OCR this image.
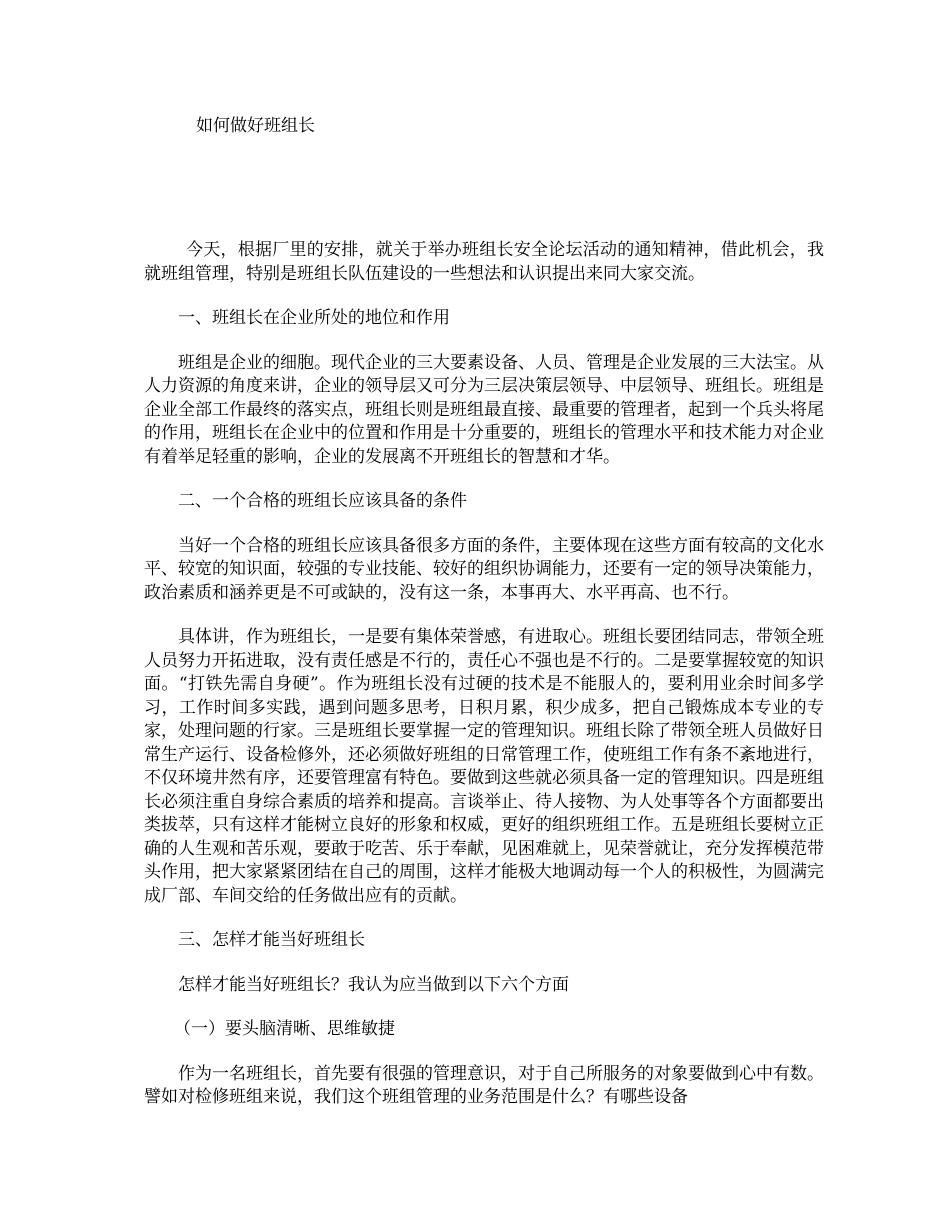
如何做好班组长

今天，根据厂里的安排，就关于举办班组长安全论坛活动的通知精神，借此机会，我就班组管理，特别是班组长队伍建设的一些想法和认识提出来同大家交流。

一、班组长在企业所处的地位和作用

班组是企业的细胞。现代企业的三大要素设备、人员、管理是企业发展的三大法宝。从人力资源的角度来讲，企业的领导层又可分为三层决策层领导、中层领导、班组长。班组是企业全部工作最终的落实点，班组长则是班组最直接、最重要的管理者，起到一个兵头将尾的作用，班组长在企业中的位置和作用是十分重要的，班组长的管理水平和技术能力对企业有着举足轻重的影响，企业的发展离不开班组长的智慧和才华。

二、一个合格的班组长应该具备的条件

当好一个合格的班组长应该具备很多方面的条件，主要体现在这些方面有较高的文化水平、较宽的知识面，较强的专业技能、较好的组织协调能力，还要有一定的领导决策能力，政治素质和涵养更是不可或缺的，没有这一条，本事再大、水平再高、也不行。

具体讲，作为班组长，一是要有集体荣誉感，有进取心。班组长要团结同志，带领全班人员努力开拓进取，没有责任感是不行的，责任心不强也是不行的。二是要掌握较宽的知识面。“打铁先需自身硬”。作为班组长没有过硬的技术是不能服人的，要利用业余时间多学习，工作时间多实践，遇到问题多思考，日积月累，积少成多，把自己锻炼成本专业的专家，处理问题的行家。三是班组长要掌握一定的管理知识。班组长除了带领全班人员做好日常生产运行、设备检修外，还必须做好班组的日常管理工作，使班组工作有条不紊地进行，不仅环境井然有序，还要管理富有特色。要做到这些就必须具备一定的管理知识。四是班组长必须注重自身综合素质的培养和提高。言谈举止、待人接物、为人处事等各个方面都要出类拔萃，只有这样才能树立良好的形象和权威，更好的组织班组工作。五是班组长要树立正确的人生观和苦乐观，要敢于吃苦、乐于奉献，见困难就上，见荣誉就让，充分发挥模范带头作用，把大家紧紧团结在自己的周围，这样才能极大地调动每一个人的积极性，为圆满完成厂部、车间交给的任务做出应有的贡献。

三、怎样才能当好班组长

怎样才能当好班组长？我认为应当做到以下六个方面

（一）要头脑清晰、思维敏捷

作为一名班组长，首先要有很强的管理意识，对于自己所服务的对象要做到心中有数。譬如对检修班组来说，我们这个班组管理的业务范围是什么？有哪些设备
